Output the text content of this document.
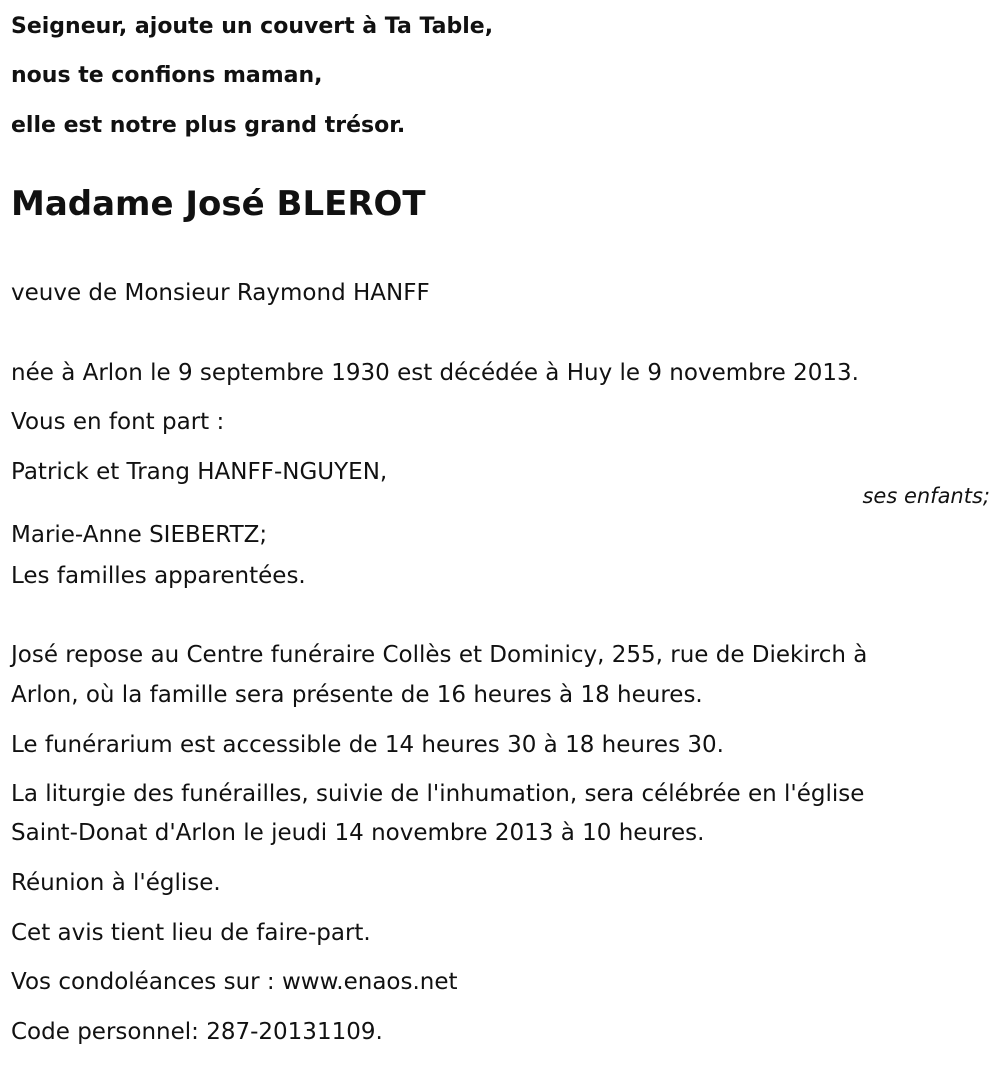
Seigneur, ajoute un couvert à Ta Table,
nous te confions maman,
elle est notre plus grand trésor.
Madame José BLEROT
veuve de Monsieur Raymond HANFF
née à Arlon le 9 septembre 1930 est décédée à Huy le 9 novembre 2013.
Vous en font part :
Patrick et Trang HANFF-NGUYEN,
ses enfants;
Marie-Anne SIEBERTZ;
Les familles apparentées.
José repose au Centre funéraire Collès et Dominicy, 255, rue de Diekirch à
Arlon, où la famille sera présente de 16 heures à 18 heures.
Le funérarium est accessible de 14 heures 30 à 18 heures 30.
La liturgie des funérailles, suivie de l'inhumation, sera célébrée en l'église
Saint-Donat d'Arlon le jeudi 14 novembre 2013 à 10 heures.
Réunion à l'église.
Cet avis tient lieu de faire-part.
Vos condoléances sur : www.enaos.net
Code personnel: 287-20131109.
